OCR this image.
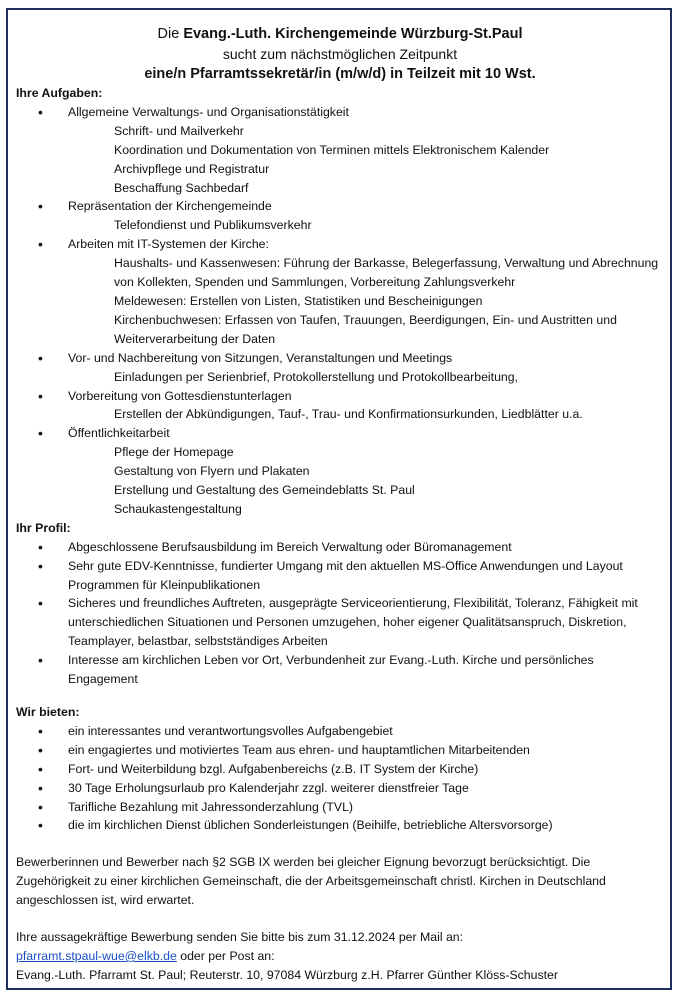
Die Evang.-Luth. Kirchengemeinde Würzburg-St.Paul
sucht zum nächstmöglichen Zeitpunkt
eine/n Pfarramtssekretär/in (m/w/d) in Teilzeit mit 10 Wst.
Ihre Aufgaben:
• Allgemeine Verwaltungs- und Organisationstätigkeit
Schrift- und Mailverkehr
Koordination und Dokumentation von Terminen mittels Elektronischem Kalender
Archivpflege und Registratur
Beschaffung Sachbedarf
• Repräsentation der Kirchengemeinde
Telefondienst und Publikumsverkehr
• Arbeiten mit IT-Systemen der Kirche:
Haushalts- und Kassenwesen: Führung der Barkasse, Belegerfassung, Verwaltung und Abrechnung von Kollekten, Spenden und Sammlungen, Vorbereitung Zahlungsverkehr
Meldewesen: Erstellen von Listen, Statistiken und Bescheinigungen
Kirchenbuchwesen: Erfassen von Taufen, Trauungen, Beerdigungen, Ein- und Austritten und Weiterverarbeitung der Daten
• Vor- und Nachbereitung von Sitzungen, Veranstaltungen und Meetings
Einladungen per Serienbrief, Protokollerstellung und Protokollbearbeitung,
• Vorbereitung von Gottesdienstunterlagen
Erstellen der Abkündigungen, Tauf-, Trau- und Konfirmationsurkunden, Liedblätter u.a.
• Öffentlichkeitarbeit
Pflege der Homepage
Gestaltung von Flyern und Plakaten
Erstellung und Gestaltung des Gemeindeblatts St. Paul
Schaukastengestaltung
Ihr Profil:
• Abgeschlossene Berufsausbildung im Bereich Verwaltung oder Büromanagement
• Sehr gute EDV-Kenntnisse, fundierter Umgang mit den aktuellen MS-Office Anwendungen und Layout Programmen für Kleinpublikationen
• Sicheres und freundliches Auftreten, ausgeprägte Serviceorientierung, Flexibilität, Toleranz, Fähigkeit mit unterschiedlichen Situationen und Personen umzugehen, hoher eigener Qualitätsanspruch, Diskretion, Teamplayer, belastbar, selbstständiges Arbeiten
• Interesse am kirchlichen Leben vor Ort, Verbundenheit zur Evang.-Luth. Kirche und persönliches Engagement
Wir bieten:
• ein interessantes und verantwortungsvolles Aufgabengebiet
• ein engagiertes und motiviertes Team aus ehren- und hauptamtlichen Mitarbeitenden
• Fort- und Weiterbildung bzgl. Aufgabenbereichs (z.B. IT System der Kirche)
• 30 Tage Erholungsurlaub pro Kalenderjahr zzgl. weiterer dienstfreier Tage
• Tarifliche Bezahlung mit Jahressonderzahlung (TVL)
• die im kirchlichen Dienst üblichen Sonderleistungen (Beihilfe, betriebliche Altersvorsorge)

Bewerberinnen und Bewerber nach §2 SGB IX werden bei gleicher Eignung bevorzugt berücksichtigt. Die Zugehörigkeit zu einer kirchlichen Gemeinschaft, die der Arbeitsgemeinschaft christl. Kirchen in Deutschland angeschlossen ist, wird erwartet.

Ihre aussagekräftige Bewerbung senden Sie bitte bis zum 31.12.2024 per Mail an:
pfarramt.stpaul-wue@elkb.de oder per Post an:
Evang.-Luth. Pfarramt St. Paul; Reuterstr. 10, 97084 Würzburg z.H. Pfarrer Günther Klöss-Schuster
